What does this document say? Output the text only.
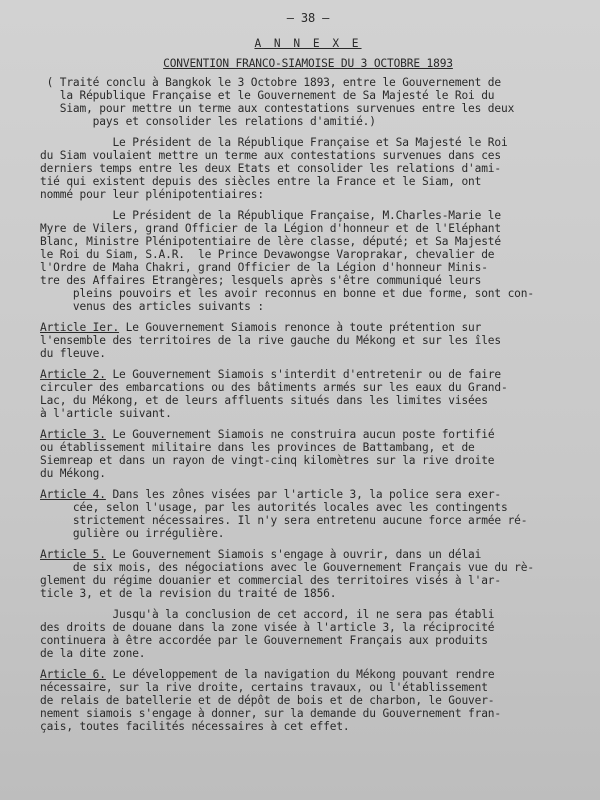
— 38 —
A N N E X E
CONVENTION FRANCO-SIAMOISE DU 3 OCTOBRE 1893
( Traité conclu à Bangkok le 3 Octobre 1893, entre le Gouvernement de
la République Française et le Gouvernement de Sa Majesté le Roi du
Siam, pour mettre un terme aux contestations survenues entre les deux
pays et consolider les relations d'amitié.)
Le Président de la République Française et Sa Majesté le Roi
du Siam voulaient mettre un terme aux contestations survenues dans ces
derniers temps entre les deux Etats et consolider les relations d'ami-
tié qui existent depuis des siècles entre la France et le Siam, ont
nommé pour leur plénipotentiaires:
Le Président de la République Française, M.Charles-Marie le
Myre de Vilers, grand Officier de la Légion d'honneur et de l'Eléphant
Blanc, Ministre Plénipotentiaire de lère classe, député; et Sa Majesté
le Roi du Siam, S.A.R.  le Prince Devawongse Varoprakar, chevalier de
l'Ordre de Maha Chakri, grand Officier de la Légion d'honneur Minis-
tre des Affaires Etrangères; lesquels après s'être communiqué leurs
pleins pouvoirs et les avoir reconnus en bonne et due forme, sont con-
venus des articles suivants :
Article Ier. Le Gouvernement Siamois renonce à toute prétention sur
l'ensemble des territoires de la rive gauche du Mékong et sur les îles
du fleuve.
Article 2. Le Gouvernement Siamois s'interdit d'entretenir ou de faire
circuler des embarcations ou des bâtiments armés sur les eaux du Grand-
Lac, du Mékong, et de leurs affluents situés dans les limites visées
à l'article suivant.
Article 3. Le Gouvernement Siamois ne construira aucun poste fortifié
ou établissement militaire dans les provinces de Battambang, et de
Siemreap et dans un rayon de vingt-cinq kilomètres sur la rive droite
du Mékong.
Article 4. Dans les zônes visées par l'article 3, la police sera exer-
cée, selon l'usage, par les autorités locales avec les contingents
strictement nécessaires. Il n'y sera entretenu aucune force armée ré-
gulière ou irrégulière.
Article 5. Le Gouvernement Siamois s'engage à ouvrir, dans un délai
de six mois, des négociations avec le Gouvernement Français vue du rè-
glement du régime douanier et commercial des territoires visés à l'ar-
ticle 3, et de la revision du traité de 1856.
Jusqu'à la conclusion de cet accord, il ne sera pas établi
des droits de douane dans la zone visée à l'article 3, la réciprocité
continuera à être accordée par le Gouvernement Français aux produits
de la dite zone.
Article 6. Le développement de la navigation du Mékong pouvant rendre
nécessaire, sur la rive droite, certains travaux, ou l'établissement
de relais de batellerie et de dépôt de bois et de charbon, le Gouver-
nement siamois s'engage à donner, sur la demande du Gouvernement fran-
çais, toutes facilités nécessaires à cet effet.
